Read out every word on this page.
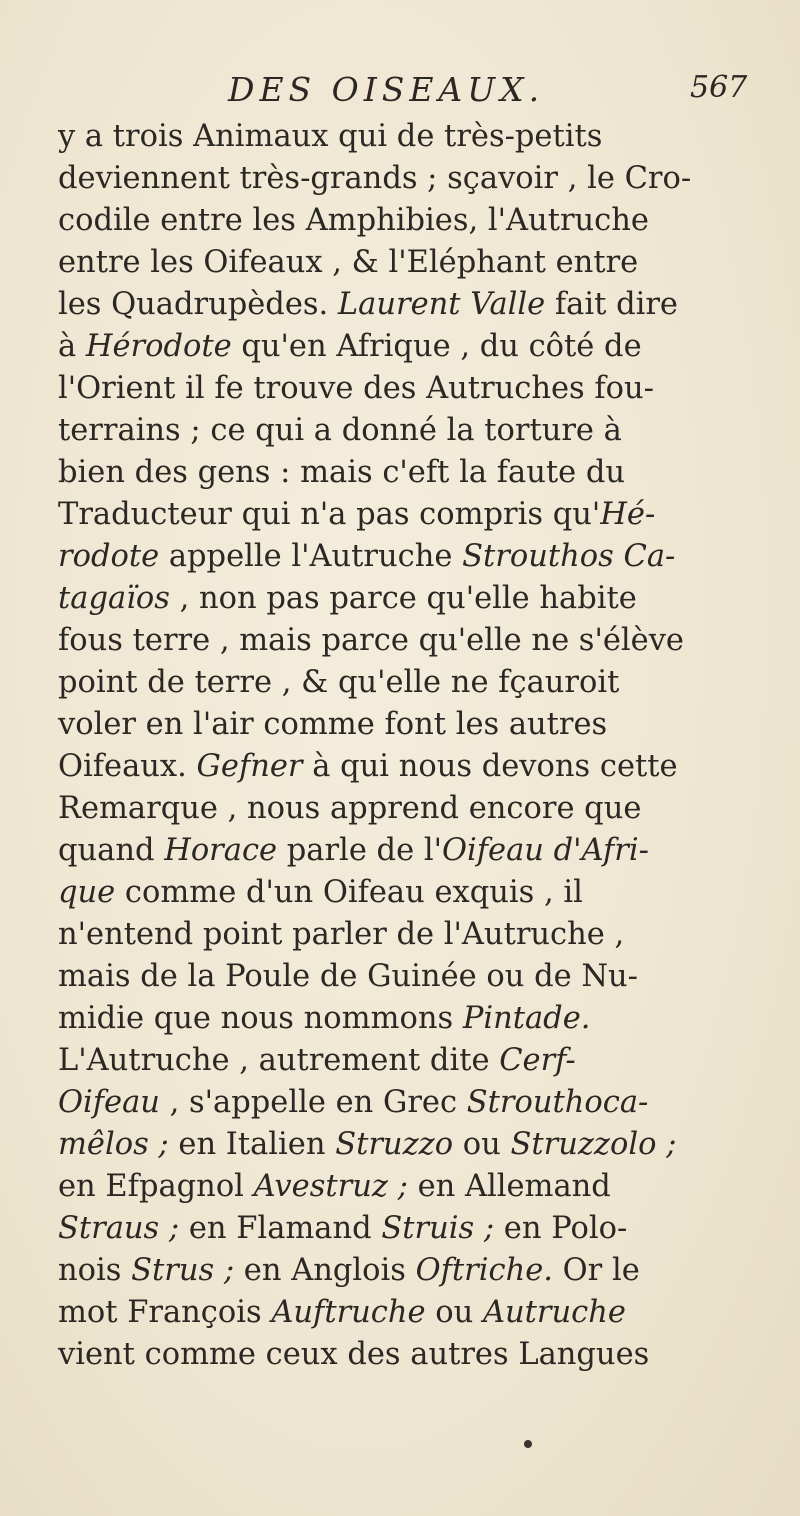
DES OISEAUX.	567
y a trois Animaux qui de très-petits
deviennent très-grands ; sçavoir , le Cro-
codile entre les Amphibies, l'Autruche
entre les Oifeaux , & l'Eléphant entre
les Quadrupèdes. Laurent Valle fait dire
à Hérodote qu'en Afrique , du côté de
l'Orient il fe trouve des Autruches fou-
terrains ; ce qui a donné la torture à
bien des gens : mais c'eft la faute du
Traducteur qui n'a pas compris qu'Hé-
rodote appelle l'Autruche Strouthos Ca-
tagaïos , non pas parce qu'elle habite
fous terre , mais parce qu'elle ne s'élève
point de terre , & qu'elle ne fçauroit
voler en l'air comme font les autres
Oifeaux. Gefner à qui nous devons cette
Remarque , nous apprend encore que
quand Horace parle de l'Oifeau d'Afri-
que comme d'un Oifeau exquis , il
n'entend point parler de l'Autruche ,
mais de la Poule de Guinée ou de Nu-
midie que nous nommons Pintade.
L'Autruche , autrement dite Cerf-
Oifeau , s'appelle en Grec Strouthoca-
mêlos ; en Italien Struzzo ou Struzzolo ;
en Efpagnol Avestruz ; en Allemand
Straus ; en Flamand Struis ; en Polo-
nois Strus ; en Anglois Oftriche. Or le
mot François Auftruche ou Autruche
vient comme ceux des autres Langues
